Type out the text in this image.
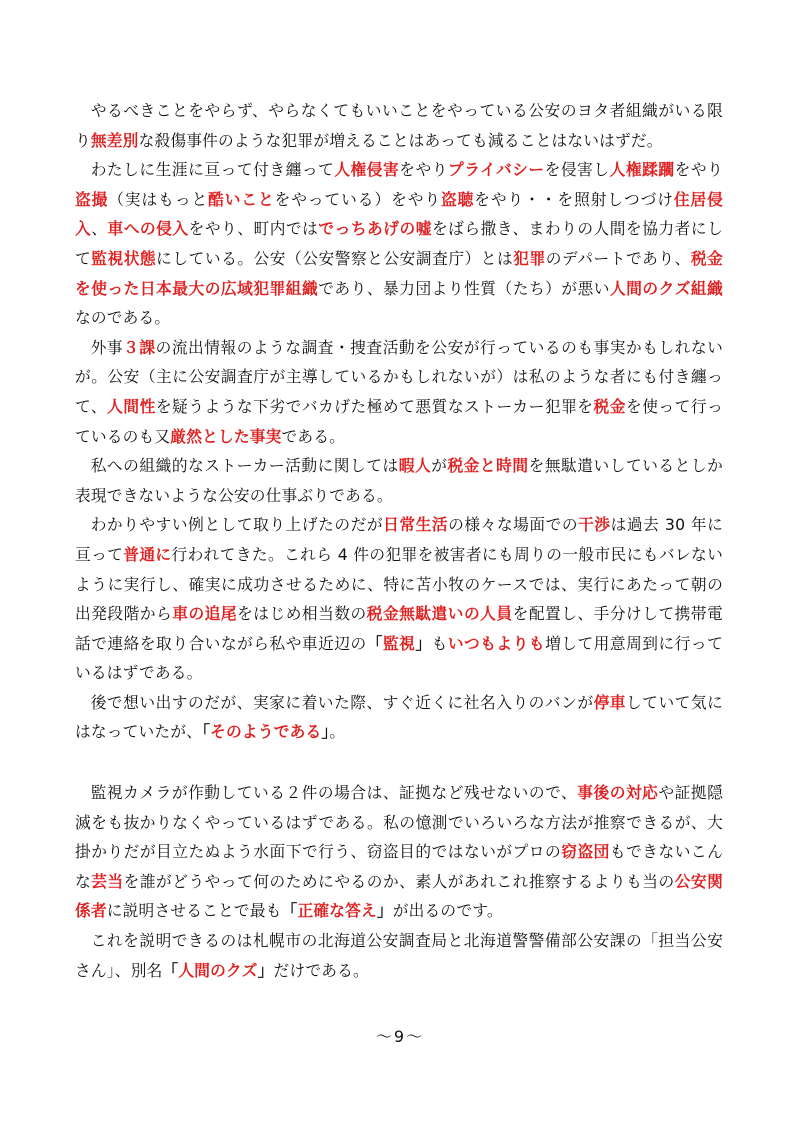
やるべきことをやらず、やらなくてもいいことをやっている公安のヨタ者組織がいる限り無差別な殺傷事件のような犯罪が増えることはあっても減ることはないはずだ。

わたしに生涯に亘って付き纏って人権侵害をやりプライバシーを侵害し人権蹂躙をやり盗撮（実はもっと酷いことをやっている）をやり盗聴をやり・・を照射しつづけ住居侵入、車への侵入をやり、町内ではでっちあげの嘘をばら撒き、まわりの人間を協力者にして監視状態にしている。公安（公安警察と公安調査庁）とは犯罪のデパートであり、税金を使った日本最大の広域犯罪組織であり、暴力団より性質（たち）が悪い人間のクズ組織なのである。

外事３課の流出情報のような調査・捜査活動を公安が行っているのも事実かもしれないが。公安（主に公安調査庁が主導しているかもしれないが）は私のような者にも付き纏って、人間性を疑うような下劣でバカげた極めて悪質なストーカー犯罪を税金を使って行っているのも又厳然とした事実である。

私への組織的なストーカー活動に関しては暇人が税金と時間を無駄遣いしているとしか表現できないような公安の仕事ぶりである。

わかりやすい例として取り上げたのだが日常生活の様々な場面での干渉は過去 30 年に亘って普通に行われてきた。これら 4 件の犯罪を被害者にも周りの一般市民にもバレないように実行し、確実に成功させるために、特に苫小牧のケースでは、実行にあたって朝の出発段階から車の追尾をはじめ相当数の税金無駄遣いの人員を配置し、手分けして携帯電話で連絡を取り合いながら私や車近辺の「監視」もいつもよりも増して用意周到に行っているはずである。

後で想い出すのだが、実家に着いた際、すぐ近くに社名入りのバンが停車していて気にはなっていたが、「そのようである」。

監視カメラが作動している２件の場合は、証拠など残せないので、事後の対応や証拠隠滅をも抜かりなくやっているはずである。私の憶測でいろいろな方法が推察できるが、大掛かりだが目立たぬよう水面下で行う、窃盗目的ではないがプロの窃盗団もできないこんな芸当を誰がどうやって何のためにやるのか、素人があれこれ推察するよりも当の公安関係者に説明させることで最も「正確な答え」が出るのです。

これを説明できるのは札幌市の北海道公安調査局と北海道警警備部公安課の「担当公安さん」、別名「人間のクズ」だけである。

～9～
